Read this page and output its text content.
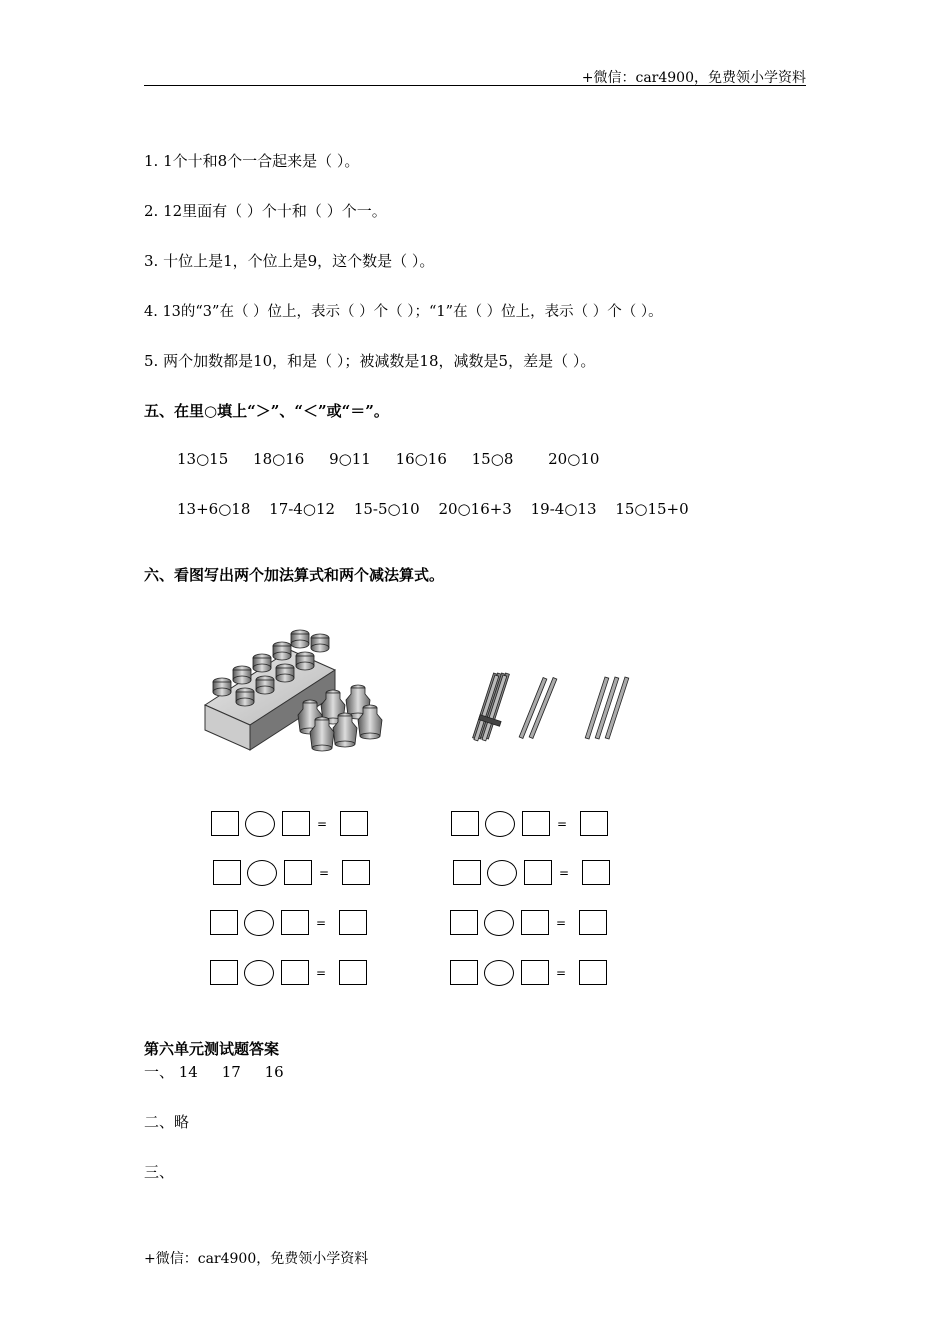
+微信：car4900，免费领小学资料
1. 1个十和8个一合起来是（ ）。
2. 12里面有（ ）个十和（ ）个一。
3. 十位上是1，个位上是9，这个数是（ ）。
4. 13的“3”在（ ）位上，表示（ ）个（ ）；“1”在（ ）位上，表示（ ）个（ ）。
5. 两个加数都是10，和是（ ）；被减数是18，减数是5，差是（ ）。
五、在里○填上“＞”、“＜”或“＝”。
13○15 18○16 9○11 16○16 15○8 20○10
13+6○18 17-4○12 15-5○10 20○16+3 19-4○13 15○15+0
六、看图写出两个加法算式和两个减法算式。
=
=
=
=
=
=
=
=
第六单元测试题答案
一、 14     17     16
二、略
三、
+微信：car4900，免费领小学资料
